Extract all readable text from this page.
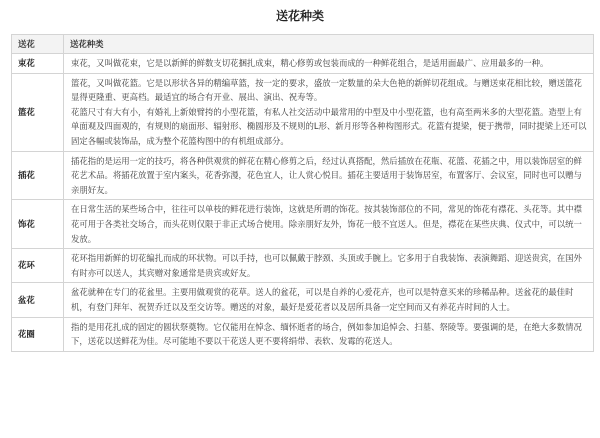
送花种类
送花	送花种类
束花	束花，又叫做花束，它是以新鲜的鲜数支切花捆扎成束，精心修剪或包装而成的一种鲜花组合，是适用面最广、应用最多的一种。

篮花	篮花，又叫做花篮。它是以形状各异的精编草篮，按一定的要求，盛放一定数量的朵大色艳的新鲜切花组成。与赠送束花相比较，赠送篮花显得更隆重、更高档。最适宜的场合有开业、展出、演出、祝寿等。
花篮尺寸有大有小，有婚礼上新娘臂挎的小型花篮，有私人社交活动中最常用的中型及中小型花篮，也有高至两米多的大型花篮。造型上有单面观及四面观的，有规则的扇面形、辐射形、椭圆形及不规则的L形、新月形等各种构图形式。花篮有提梁，便于携带，同时提梁上还可以固定各幅或装饰品，成为整个花篮构图中的有机组成部分。

插花	插花指的是运用一定的技巧，将各种供观赏的鲜花在精心修剪之后，经过认真搭配，然后插放在花瓶、花篮、花插之中，用以装饰居室的鲜花艺术品。将插花放置于室内案头，花香弥漫，花色宜人，让人赏心悦目。插花主要适用于装饰居室，布置客厅、会议室，同时也可以赠与亲朋好友。

饰花	在日常生活的某些场合中，往往可以单枝的鲜花进行装饰，这就是所谓的饰花。按其装饰部位的不同，常见的饰花有襟花、头花等。其中襟花可用于各类社交场合，而头花则仅限于非正式场合使用。除亲朋好友外，饰花一般不宜送人。但是，襟花在某些庆典、仪式中，可以统一发放。

花环	花环指用新鲜的切花编扎而成的环状物。可以手持，也可以佩戴于脖颈、头顶或手腕上。它多用于自我装饰、表演舞蹈、迎送贵宾，在国外有时亦可以送人，其宾赠对象通常是贵宾或好友。

盆花	盆花就种在专门的花盆里。主要用做观赏的花草。送人的盆花，可以是自养的心爱花卉，也可以是特意买来的珍稀品种。送盆花的最佳时机，有登门拜年、祝贺乔迁以及至交访等。赠送的对象，最好是爱花者以及居所具备一定空间而又有养花卉时间的人士。

花圈	指的是用花扎成的固定的圆状祭奠物。它仅能用在悼念、缅怀逝者的场合，例如参加追悼会、扫墓、祭陵等。要强调的是，在绝大多数情况下，送花以送鲜花为佳。尽可能地不要以干花送人更不要将绢带、表软、发霉的花送人。
